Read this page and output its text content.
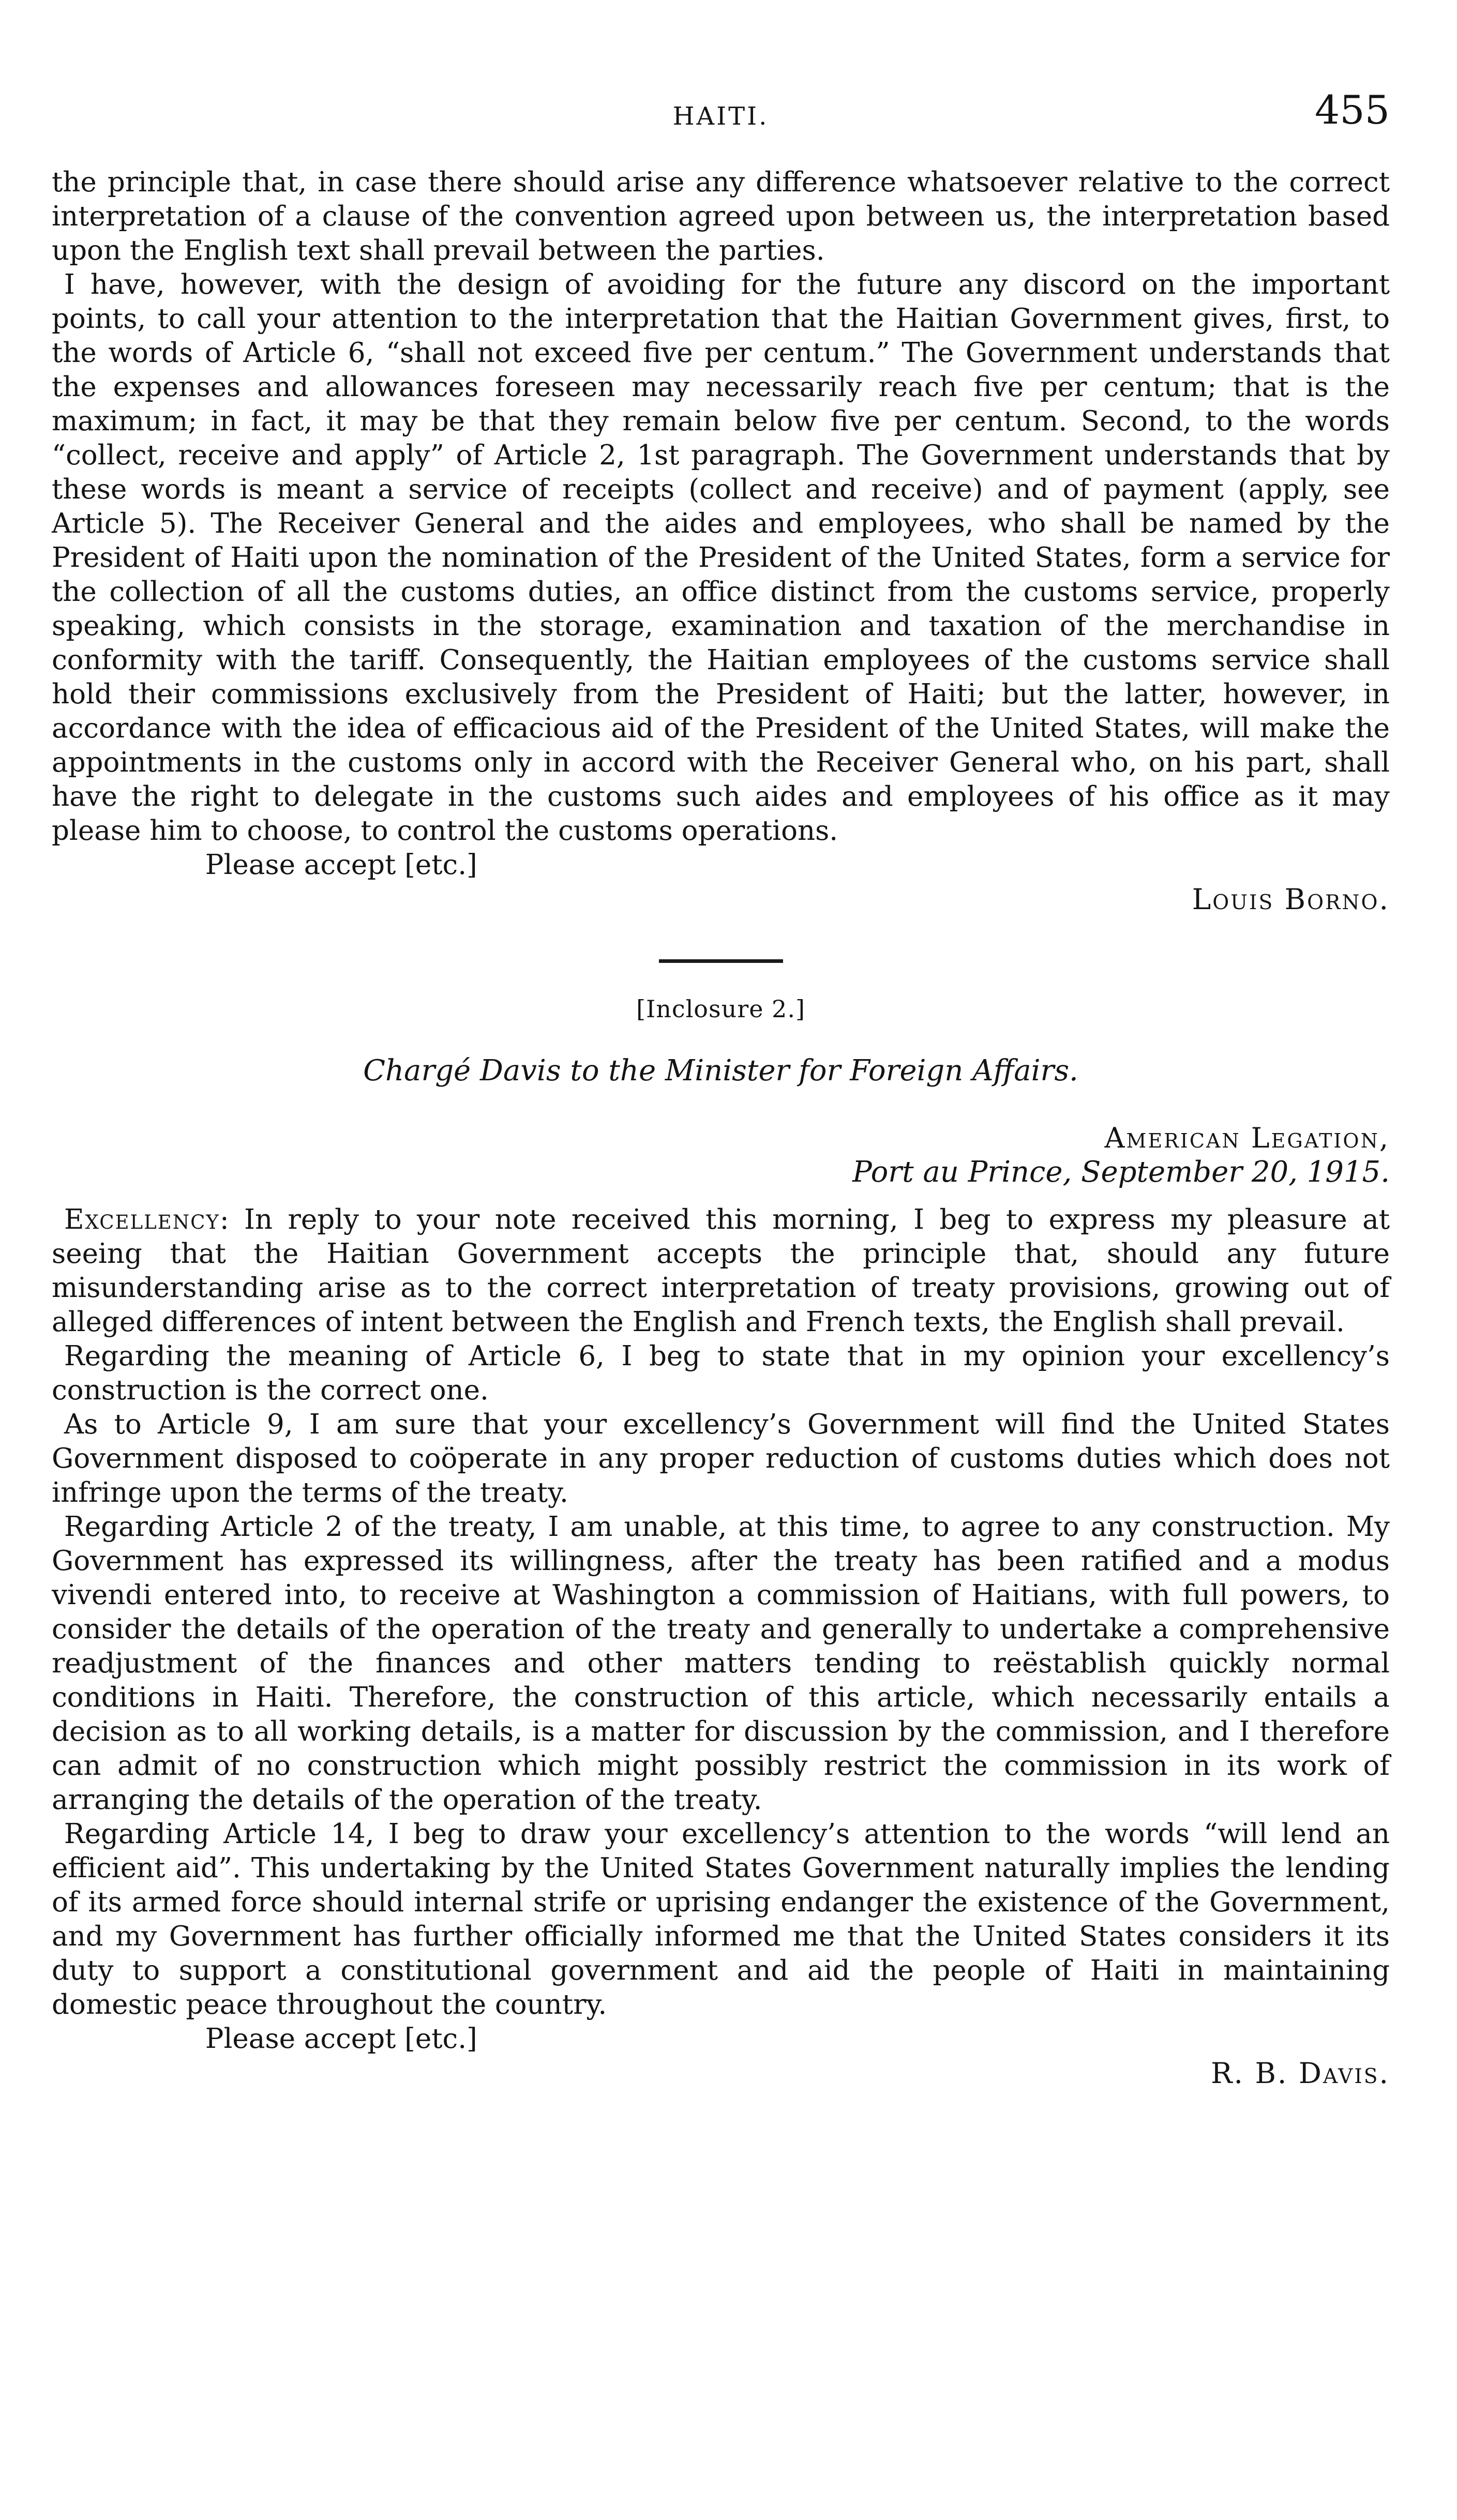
HAITI.	455

the principle that, in case there should arise any difference whatsoever relative to the correct interpretation of a clause of the convention agreed upon between us, the interpretation based upon the English text shall prevail between the parties.

I have, however, with the design of avoiding for the future any discord on the important points, to call your attention to the interpretation that the Haitian Government gives, first, to the words of Article 6, “shall not exceed five per centum.” The Government understands that the expenses and allowances foreseen may necessarily reach five per centum; that is the maximum; in fact, it may be that they remain below five per centum. Second, to the words “collect, receive and apply” of Article 2, 1st paragraph. The Government understands that by these words is meant a service of receipts (collect and receive) and of payment (apply, see Article 5). The Receiver General and the aides and employees, who shall be named by the President of Haiti upon the nomination of the President of the United States, form a service for the collection of all the customs duties, an office distinct from the customs service, properly speaking, which consists in the storage, examination and taxation of the merchandise in conformity with the tariff. Consequently, the Haitian employees of the customs service shall hold their commissions exclusively from the President of Haiti; but the latter, however, in accordance with the idea of efficacious aid of the President of the United States, will make the appointments in the customs only in accord with the Receiver General who, on his part, shall have the right to delegate in the customs such aides and employees of his office as it may please him to choose, to control the customs operations.

Please accept [etc.]

Louis Borno.

[Inclosure 2.]
Chargé Davis to the Minister for Foreign Affairs.
American Legation,
Port au Prince, September 20, 1915.

Excellency: In reply to your note received this morning, I beg to express my pleasure at seeing that the Haitian Government accepts the principle that, should any future misunderstanding arise as to the correct interpretation of treaty provisions, growing out of alleged differences of intent between the English and French texts, the English shall prevail.

Regarding the meaning of Article 6, I beg to state that in my opinion your excellency’s construction is the correct one.

As to Article 9, I am sure that your excellency’s Government will find the United States Government disposed to coöperate in any proper reduction of customs duties which does not infringe upon the terms of the treaty.

Regarding Article 2 of the treaty, I am unable, at this time, to agree to any construction. My Government has expressed its willingness, after the treaty has been ratified and a modus vivendi entered into, to receive at Washington a commission of Haitians, with full powers, to consider the details of the operation of the treaty and generally to undertake a comprehensive readjustment of the finances and other matters tending to reëstablish quickly normal conditions in Haiti. Therefore, the construction of this article, which necessarily entails a decision as to all working details, is a matter for discussion by the commission, and I therefore can admit of no construction which might possibly restrict the commission in its work of arranging the details of the operation of the treaty.

Regarding Article 14, I beg to draw your excellency’s attention to the words “will lend an efficient aid”. This undertaking by the United States Government naturally implies the lending of its armed force should internal strife or uprising endanger the existence of the Government, and my Government has further officially informed me that the United States considers it its duty to support a constitutional government and aid the people of Haiti in maintaining domestic peace throughout the country.

Please accept [etc.]

R. B. Davis.
